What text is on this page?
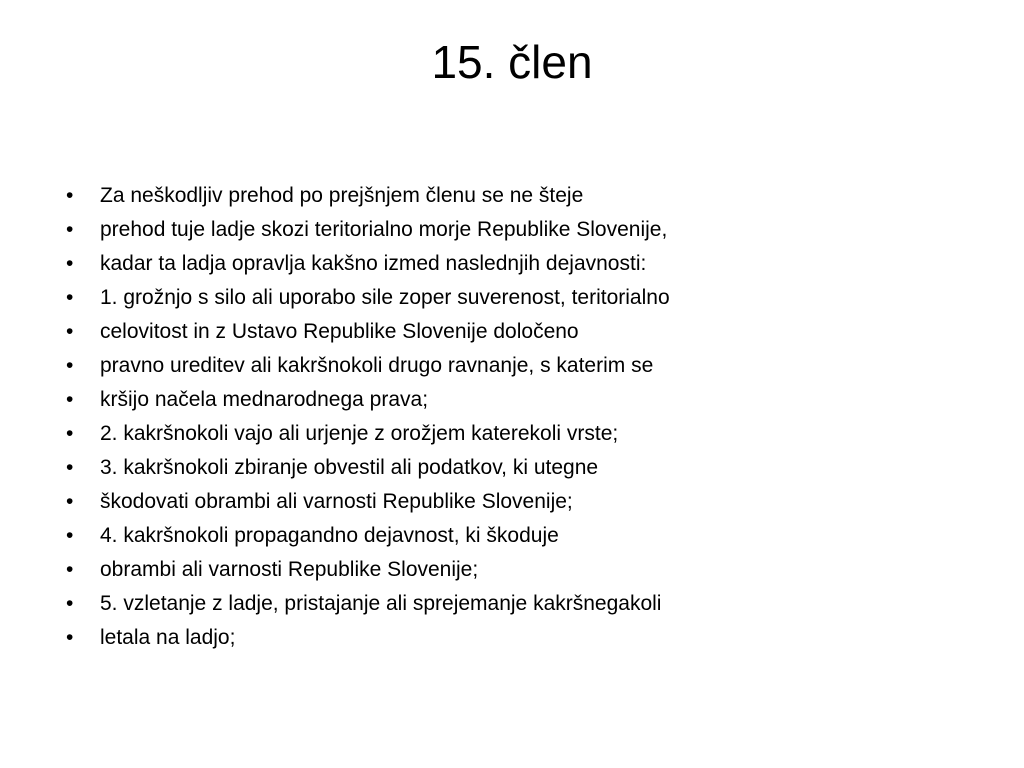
15. člen
•	Za neškodljiv prehod po prejšnjem členu se ne šteje
•	prehod tuje ladje skozi teritorialno morje Republike Slovenije,
•	kadar ta ladja opravlja kakšno izmed naslednjih dejavnosti:
•	1. grožnjo s silo ali uporabo sile zoper suverenost, teritorialno
•	celovitost in z Ustavo Republike Slovenije določeno
•	pravno ureditev ali kakršnokoli drugo ravnanje, s katerim se
•	kršijo načela mednarodnega prava;
•	2. kakršnokoli vajo ali urjenje z orožjem katerekoli vrste;
•	3. kakršnokoli zbiranje obvestil ali podatkov, ki utegne
•	škodovati obrambi ali varnosti Republike Slovenije;
•	4. kakršnokoli propagandno dejavnost, ki škoduje
•	obrambi ali varnosti Republike Slovenije;
•	5. vzletanje z ladje, pristajanje ali sprejemanje kakršnegakoli
•	letala na ladjo;
